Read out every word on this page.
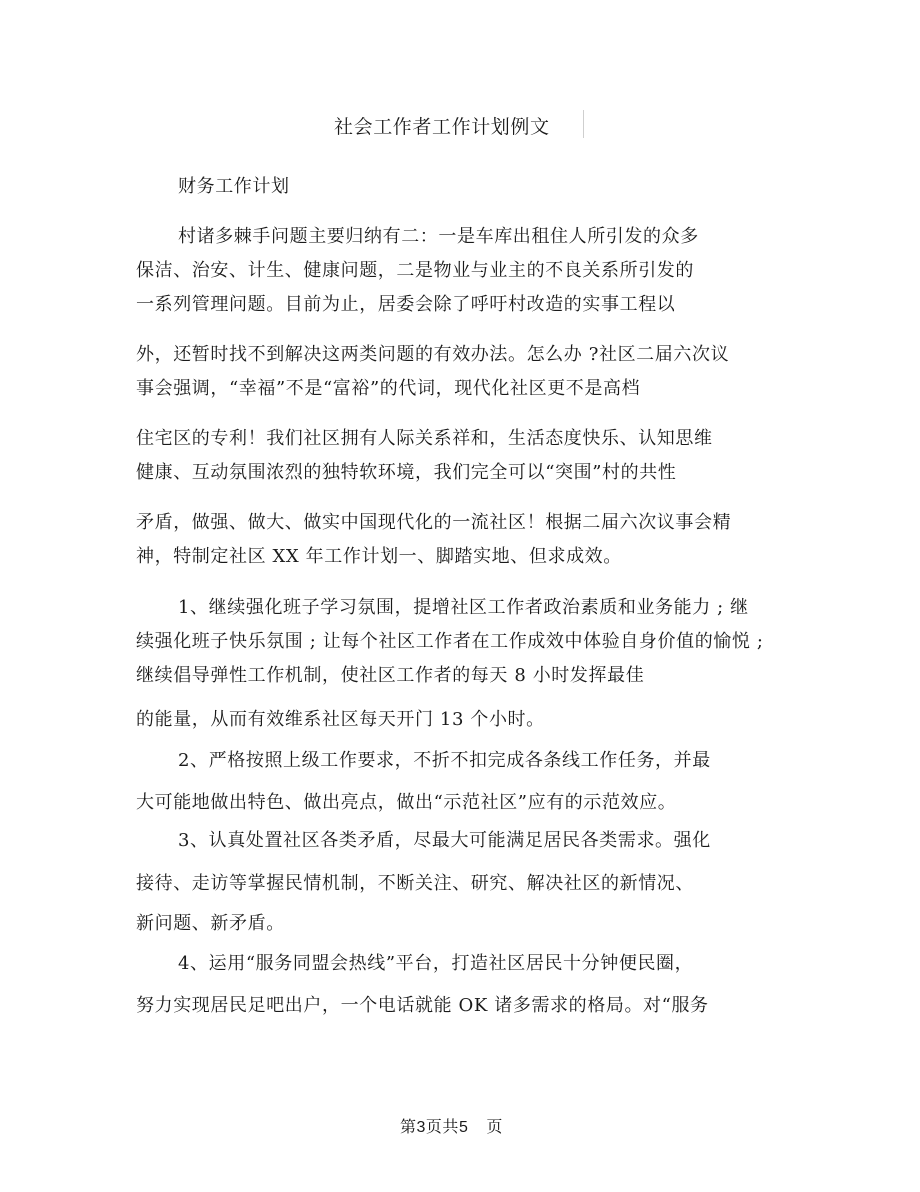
社会工作者工作计划例文
财务工作计划
村诸多棘手问题主要归纳有二：一是车库出租住人所引发的众多
保洁、治安、计生、健康问题，二是物业与业主的不良关系所引发的
一系列管理问题。目前为止，居委会除了呼吁村改造的实事工程以
外，还暂时找不到解决这两类问题的有效办法。怎么办 ?社区二届六次议
事会强调，“幸福”不是“富裕”的代词，现代化社区更不是高档
住宅区的专利！我们社区拥有人际关系祥和，生活态度快乐、认知思维
健康、互动氛围浓烈的独特软环境，我们完全可以“突围”村的共性
矛盾，做强、做大、做实中国现代化的一流社区！根据二届六次议事会精
神，特制定社区 XX 年工作计划一、脚踏实地、但求成效。
1、继续强化班子学习氛围，提增社区工作者政治素质和业务能力 ; 继
续强化班子快乐氛围 ; 让每个社区工作者在工作成效中体验自身价值的愉悦 ;
继续倡导弹性工作机制，使社区工作者的每天 8 小时发挥最佳
的能量，从而有效维系社区每天开门 13 个小时。
2、严格按照上级工作要求，不折不扣完成各条线工作任务，并最
大可能地做出特色、做出亮点，做出“示范社区”应有的示范效应。
3、认真处置社区各类矛盾，尽最大可能满足居民各类需求。强化
接待、走访等掌握民情机制，不断关注、研究、解决社区的新情况、
新问题、新矛盾。
4、运用“服务同盟会热线”平台，打造社区居民十分钟便民圈，
努力实现居民足吧出户，一个电话就能 OK 诸多需求的格局。对“服务
第3页共5 页
